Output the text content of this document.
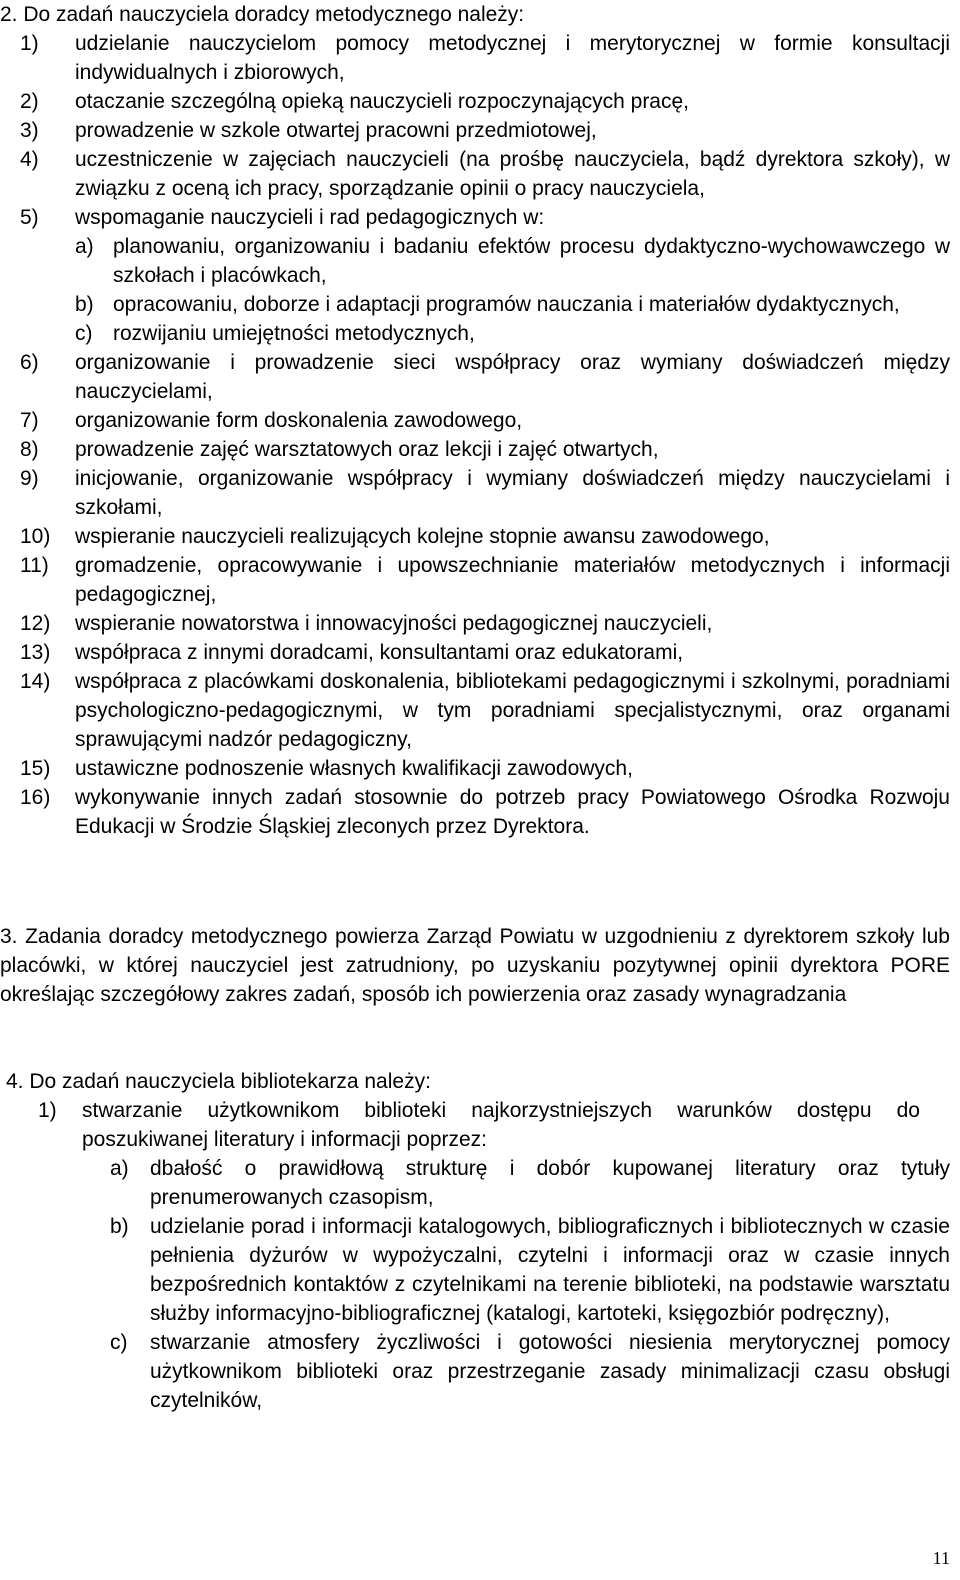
2. Do zadań nauczyciela doradcy metodycznego należy:
1) udzielanie nauczycielom pomocy metodycznej i merytorycznej w formie konsultacji indywidualnych i zbiorowych,
2) otaczanie szczególną opieką nauczycieli rozpoczynających pracę,
3) prowadzenie w szkole otwartej pracowni przedmiotowej,
4) uczestniczenie w zajęciach nauczycieli (na prośbę nauczyciela, bądź dyrektora szkoły), w związku z oceną ich pracy, sporządzanie opinii o pracy nauczyciela,
5) wspomaganie nauczycieli i rad pedagogicznych w:
a) planowaniu, organizowaniu i badaniu efektów procesu dydaktyczno-wychowawczego w szkołach i placówkach,
b) opracowaniu, doborze i adaptacji programów nauczania i materiałów dydaktycznych,
c) rozwijaniu umiejętności metodycznych,
6) organizowanie i prowadzenie sieci współpracy oraz wymiany doświadczeń między nauczycielami,
7) organizowanie form doskonalenia zawodowego,
8) prowadzenie zajęć warsztatowych oraz lekcji i zajęć otwartych,
9) inicjowanie, organizowanie współpracy i wymiany doświadczeń między nauczycielami i szkołami,
10) wspieranie nauczycieli realizujących kolejne stopnie awansu zawodowego,
11) gromadzenie, opracowywanie i upowszechnianie materiałów metodycznych i informacji pedagogicznej,
12) wspieranie nowatorstwa i innowacyjności pedagogicznej nauczycieli,
13) współpraca z innymi doradcami, konsultantami oraz edukatorami,
14) współpraca z placówkami doskonalenia, bibliotekami pedagogicznymi i szkolnymi, poradniami psychologiczno-pedagogicznymi, w tym poradniami specjalistycznymi, oraz organami sprawującymi nadzór pedagogiczny,
15) ustawiczne podnoszenie własnych kwalifikacji zawodowych,
16) wykonywanie innych zadań stosownie do potrzeb pracy Powiatowego Ośrodka Rozwoju Edukacji w Środzie Śląskiej zleconych przez Dyrektora.
3. Zadania doradcy metodycznego powierza Zarząd Powiatu w uzgodnieniu z dyrektorem szkoły lub placówki, w której nauczyciel jest zatrudniony, po uzyskaniu pozytywnej opinii dyrektora PORE określając szczegółowy zakres zadań, sposób ich powierzenia oraz zasady wynagradzania
4. Do zadań nauczyciela bibliotekarza należy:
1) stwarzanie użytkownikom biblioteki najkorzystniejszych warunków dostępu do poszukiwanej literatury i informacji poprzez:
a) dbałość o prawidłową strukturę i dobór kupowanej literatury oraz tytuły prenumerowanych czasopism,
b) udzielanie porad i informacji katalogowych, bibliograficznych i bibliotecznych w czasie pełnienia dyżurów w wypożyczalni, czytelni i informacji oraz w czasie innych bezpośrednich kontaktów z czytelnikami na terenie biblioteki, na podstawie warsztatu służby informacyjno-bibliograficznej (katalogi, kartoteki, księgozbiór podręczny),
c) stwarzanie atmosfery życzliwości i gotowości niesienia merytorycznej pomocy użytkownikom biblioteki oraz przestrzeganie zasady minimalizacji czasu obsługi czytelników,
11
